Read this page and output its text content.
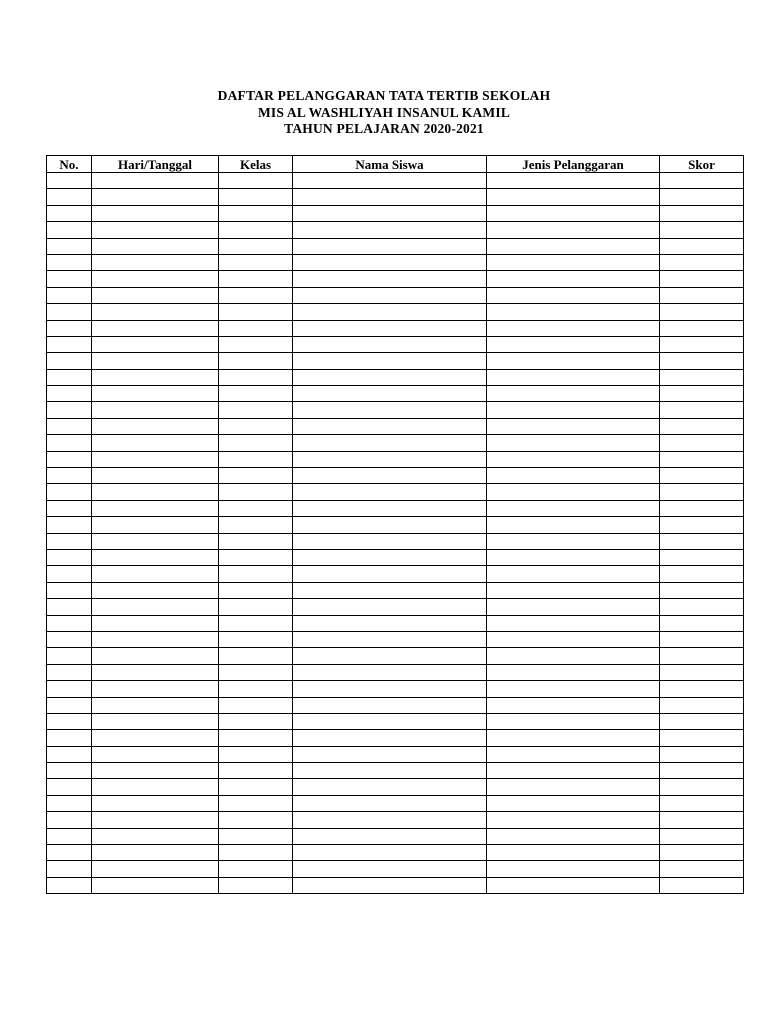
DAFTAR PELANGGARAN TATA TERTIB SEKOLAH
MIS AL WASHLIYAH INSANUL KAMIL
TAHUN PELAJARAN 2020-2021
No.	Hari/Tanggal	Kelas	Nama Siswa	Jenis Pelanggaran	Skor
